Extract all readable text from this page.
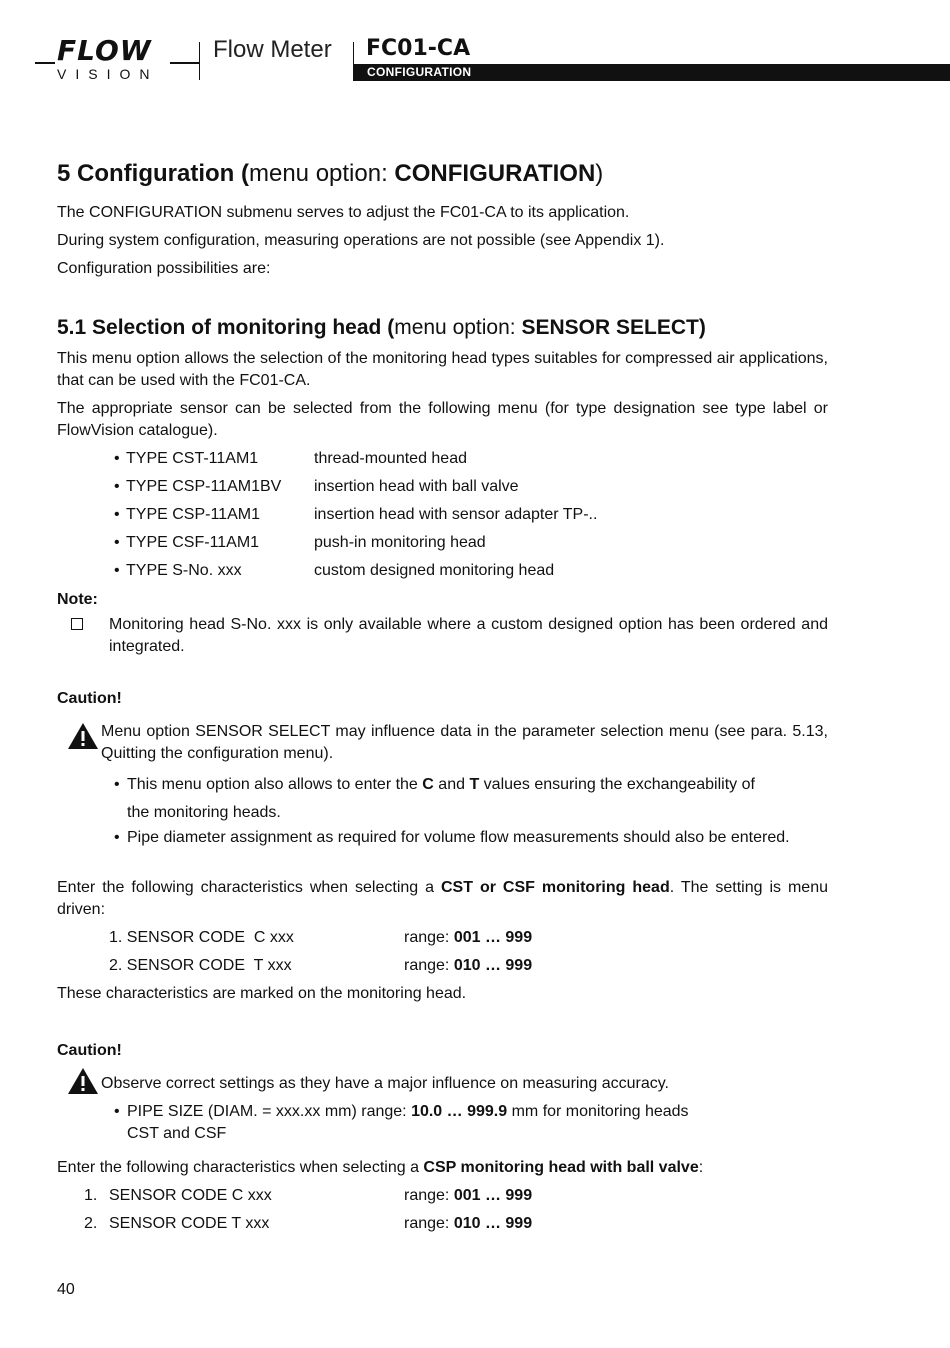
FLOW
VISION
Flow Meter FC01-CA
CONFIGURATION
5 Configuration (menu option: CONFIGURATION)

The CONFIGURATION submenu serves to adjust the FC01-CA to its application.

During system configuration, measuring operations are not possible (see Appendix 1).

Configuration possibilities are:

5.1 Selection of monitoring head (menu option: SENSOR SELECT)

This menu option allows the selection of the monitoring head types suitables for compressed air applications, that can be used with the FC01-CA.

The appropriate sensor can be selected from the following menu (for type designation see type label or FlowVision catalogue).

• TYPE CST-11AM1	thread-mounted head
• TYPE CSP-11AM1BV insertion head with ball valve
• TYPE CSP-11AM1	insertion head with sensor adapter TP-..
• TYPE CSF-11AM1	push-in monitoring head
• TYPE S-No. xxx	custom designed monitoring head

Note:

Monitoring head S-No. xxx is only available where a custom designed option has been ordered and integrated.

Caution!

Menu option SENSOR SELECT may influence data in the parameter selection menu (see para. 5.13, Quitting the configuration menu).

• This menu option also allows to enter the C and T values ensuring the exchangeability of
the monitoring heads.
• Pipe diameter assignment as required for volume flow measurements should also be entered.

Enter the following characteristics when selecting a CST or CSF monitoring head. The setting is menu driven:

1. SENSOR CODE  C xxx	range: 001 … 999
2. SENSOR CODE  T xxx	range: 010 … 999

These characteristics are marked on the monitoring head.

Caution!

Observe correct settings as they have a major influence on measuring accuracy.

• PIPE SIZE (DIAM. = xxx.xx mm) range: 10.0 … 999.9 mm for monitoring heads
CST and CSF

Enter the following characteristics when selecting a CSP monitoring head with ball valve:

1. SENSOR CODE C xxx	range: 001 … 999
2. SENSOR CODE T xxx	range: 010 … 999

40
